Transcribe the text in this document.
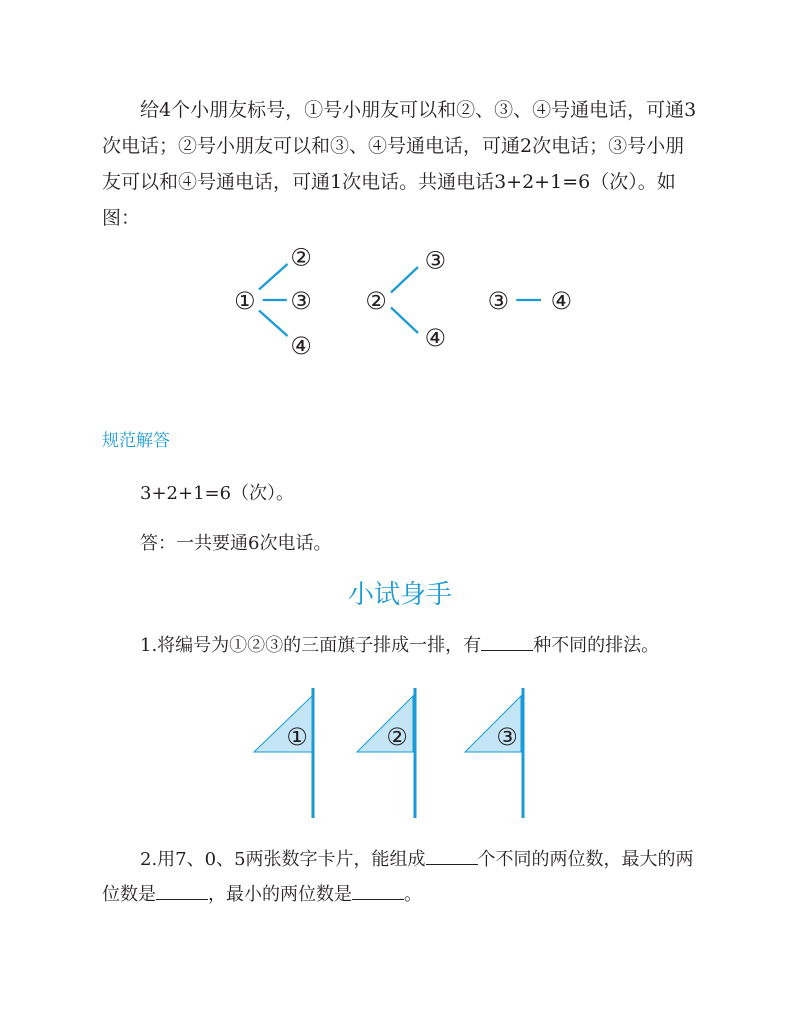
给4个小朋友标号，①号小朋友可以和②、③、④号通电话，可通3次电话；②号小朋友可以和③、④号通电话，可通2次电话；③号小朋友可以和④号通电话，可通1次电话。共通电话3+2+1=6（次）。如图：

①
②
③
④
②
③
④
③ ④

规范解答

3+2+1=6（次）。

答：一共要通6次电话。

小试身手

1.将编号为①②③的三面旗子排成一排，有	种不同的排法。

①	②	③

2.用7、0、5两张数字卡片，能组成	个不同的两位数，最大的两位数是	，最小的两位数是	。
